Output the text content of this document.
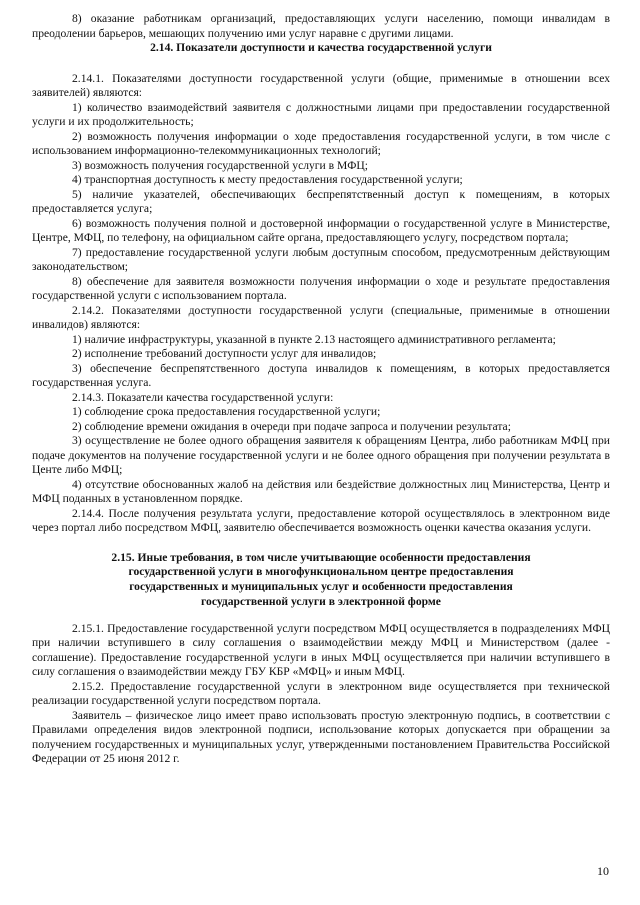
8) оказание работникам организаций, предоставляющих услуги населению, помощи инвалидам в преодолении барьеров, мешающих получению ими услуг наравне с другими лицами.

2.14. Показатели доступности и качества государственной услуги

2.14.1. Показателями доступности государственной услуги (общие, применимые в отношении всех заявителей) являются:

1) количество взаимодействий заявителя с должностными лицами при предоставлении государственной услуги и их продолжительность;

2) возможность получения информации о ходе предоставления государственной услуги, в том числе с использованием информационно-телекоммуникационных технологий;

3) возможность получения государственной услуги в МФЦ;

4) транспортная доступность к месту предоставления государственной услуги;

5) наличие указателей, обеспечивающих беспрепятственный доступ к помещениям, в которых предоставляется услуга;

6) возможность получения полной и достоверной информации о государственной услуге в Министерстве, Центре, МФЦ, по телефону, на официальном сайте органа, предоставляющего услугу, посредством портала;

7) предоставление государственной услуги любым доступным способом, предусмотренным действующим законодательством;

8) обеспечение для заявителя возможности получения информации о ходе и результате предоставления государственной услуги с использованием портала.

2.14.2. Показателями доступности государственной услуги (специальные, применимые в отношении инвалидов) являются:

1) наличие инфраструктуры, указанной в пункте 2.13 настоящего административного регламента;

2) исполнение требований доступности услуг для инвалидов;

3) обеспечение беспрепятственного доступа инвалидов к помещениям, в которых предоставляется государственная услуга.

2.14.3. Показатели качества государственной услуги:

1) соблюдение срока предоставления государственной услуги;

2) соблюдение времени ожидания в очереди при подаче запроса и получении результата;

3) осуществление не более одного обращения заявителя к обращениям Центра, либо работникам МФЦ при подаче документов на получение государственной услуги и не более одного обращения при получении результата в Центе либо МФЦ;

4) отсутствие обоснованных жалоб на действия или бездействие должностных лиц Министерства, Центр и МФЦ поданных в установленном порядке.

2.14.4. После получения результата услуги, предоставление которой осуществлялось в электронном виде через портал либо посредством МФЦ, заявителю обеспечивается возможность оценки качества оказания услуги.

2.15. Иные требования, в том числе учитывающие особенности предоставления
государственной услуги в многофункциональном центре предоставления
государственных и муниципальных услуг и особенности предоставления
государственной услуги в электронной форме

2.15.1. Предоставление государственной услуги посредством МФЦ осуществляется в подразделениях МФЦ при наличии вступившего в силу соглашения о взаимодействии между МФЦ и Министерством (далее - соглашение). Предоставление государственной услуги в иных МФЦ осуществляется при наличии вступившего в силу соглашения о взаимодействии между ГБУ КБР «МФЦ» и иным МФЦ.

2.15.2. Предоставление государственной услуги в электронном виде осуществляется при технической реализации государственной услуги посредством портала.

Заявитель – физическое лицо имеет право использовать простую электронную подпись, в соответствии с Правилами определения видов электронной подписи, использование которых допускается при обращении за получением государственных и муниципальных услуг, утвержденными постановлением Правительства Российской Федерации от 25 июня 2012 г.

10
